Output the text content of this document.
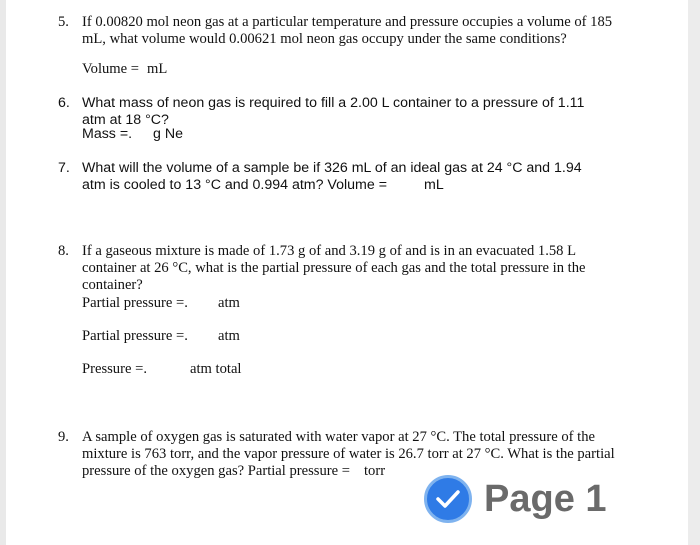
5. If 0.00820 mol neon gas at a particular temperature and pressure occupies a volume of 185
mL, what volume would 0.00621 mol neon gas occupy under the same conditions?
Volume = mL
6. What mass of neon gas is required to fill a 2.00 L container to a pressure of 1.11
atm at 18 °C?
Mass =. g Ne
7. What will the volume of a sample be if 326 mL of an ideal gas at 24 °C and 1.94
atm is cooled to 13 °C and 0.994 atm? Volume =	mL
8. If a gaseous mixture is made of 1.73 g of and 3.19 g of and is in an evacuated 1.58 L
container at 26 °C, what is the partial pressure of each gas and the total pressure in the
container?
Partial pressure =. atm
Partial pressure =. atm
Pressure =.	atm total
9. A sample of oxygen gas is saturated with water vapor at 27 °C. The total pressure of the
mixture is 763 torr, and the vapor pressure of water is 26.7 torr at 27 °C. What is the partial
pressure of the oxygen gas? Partial pressure = torr
Page 1
